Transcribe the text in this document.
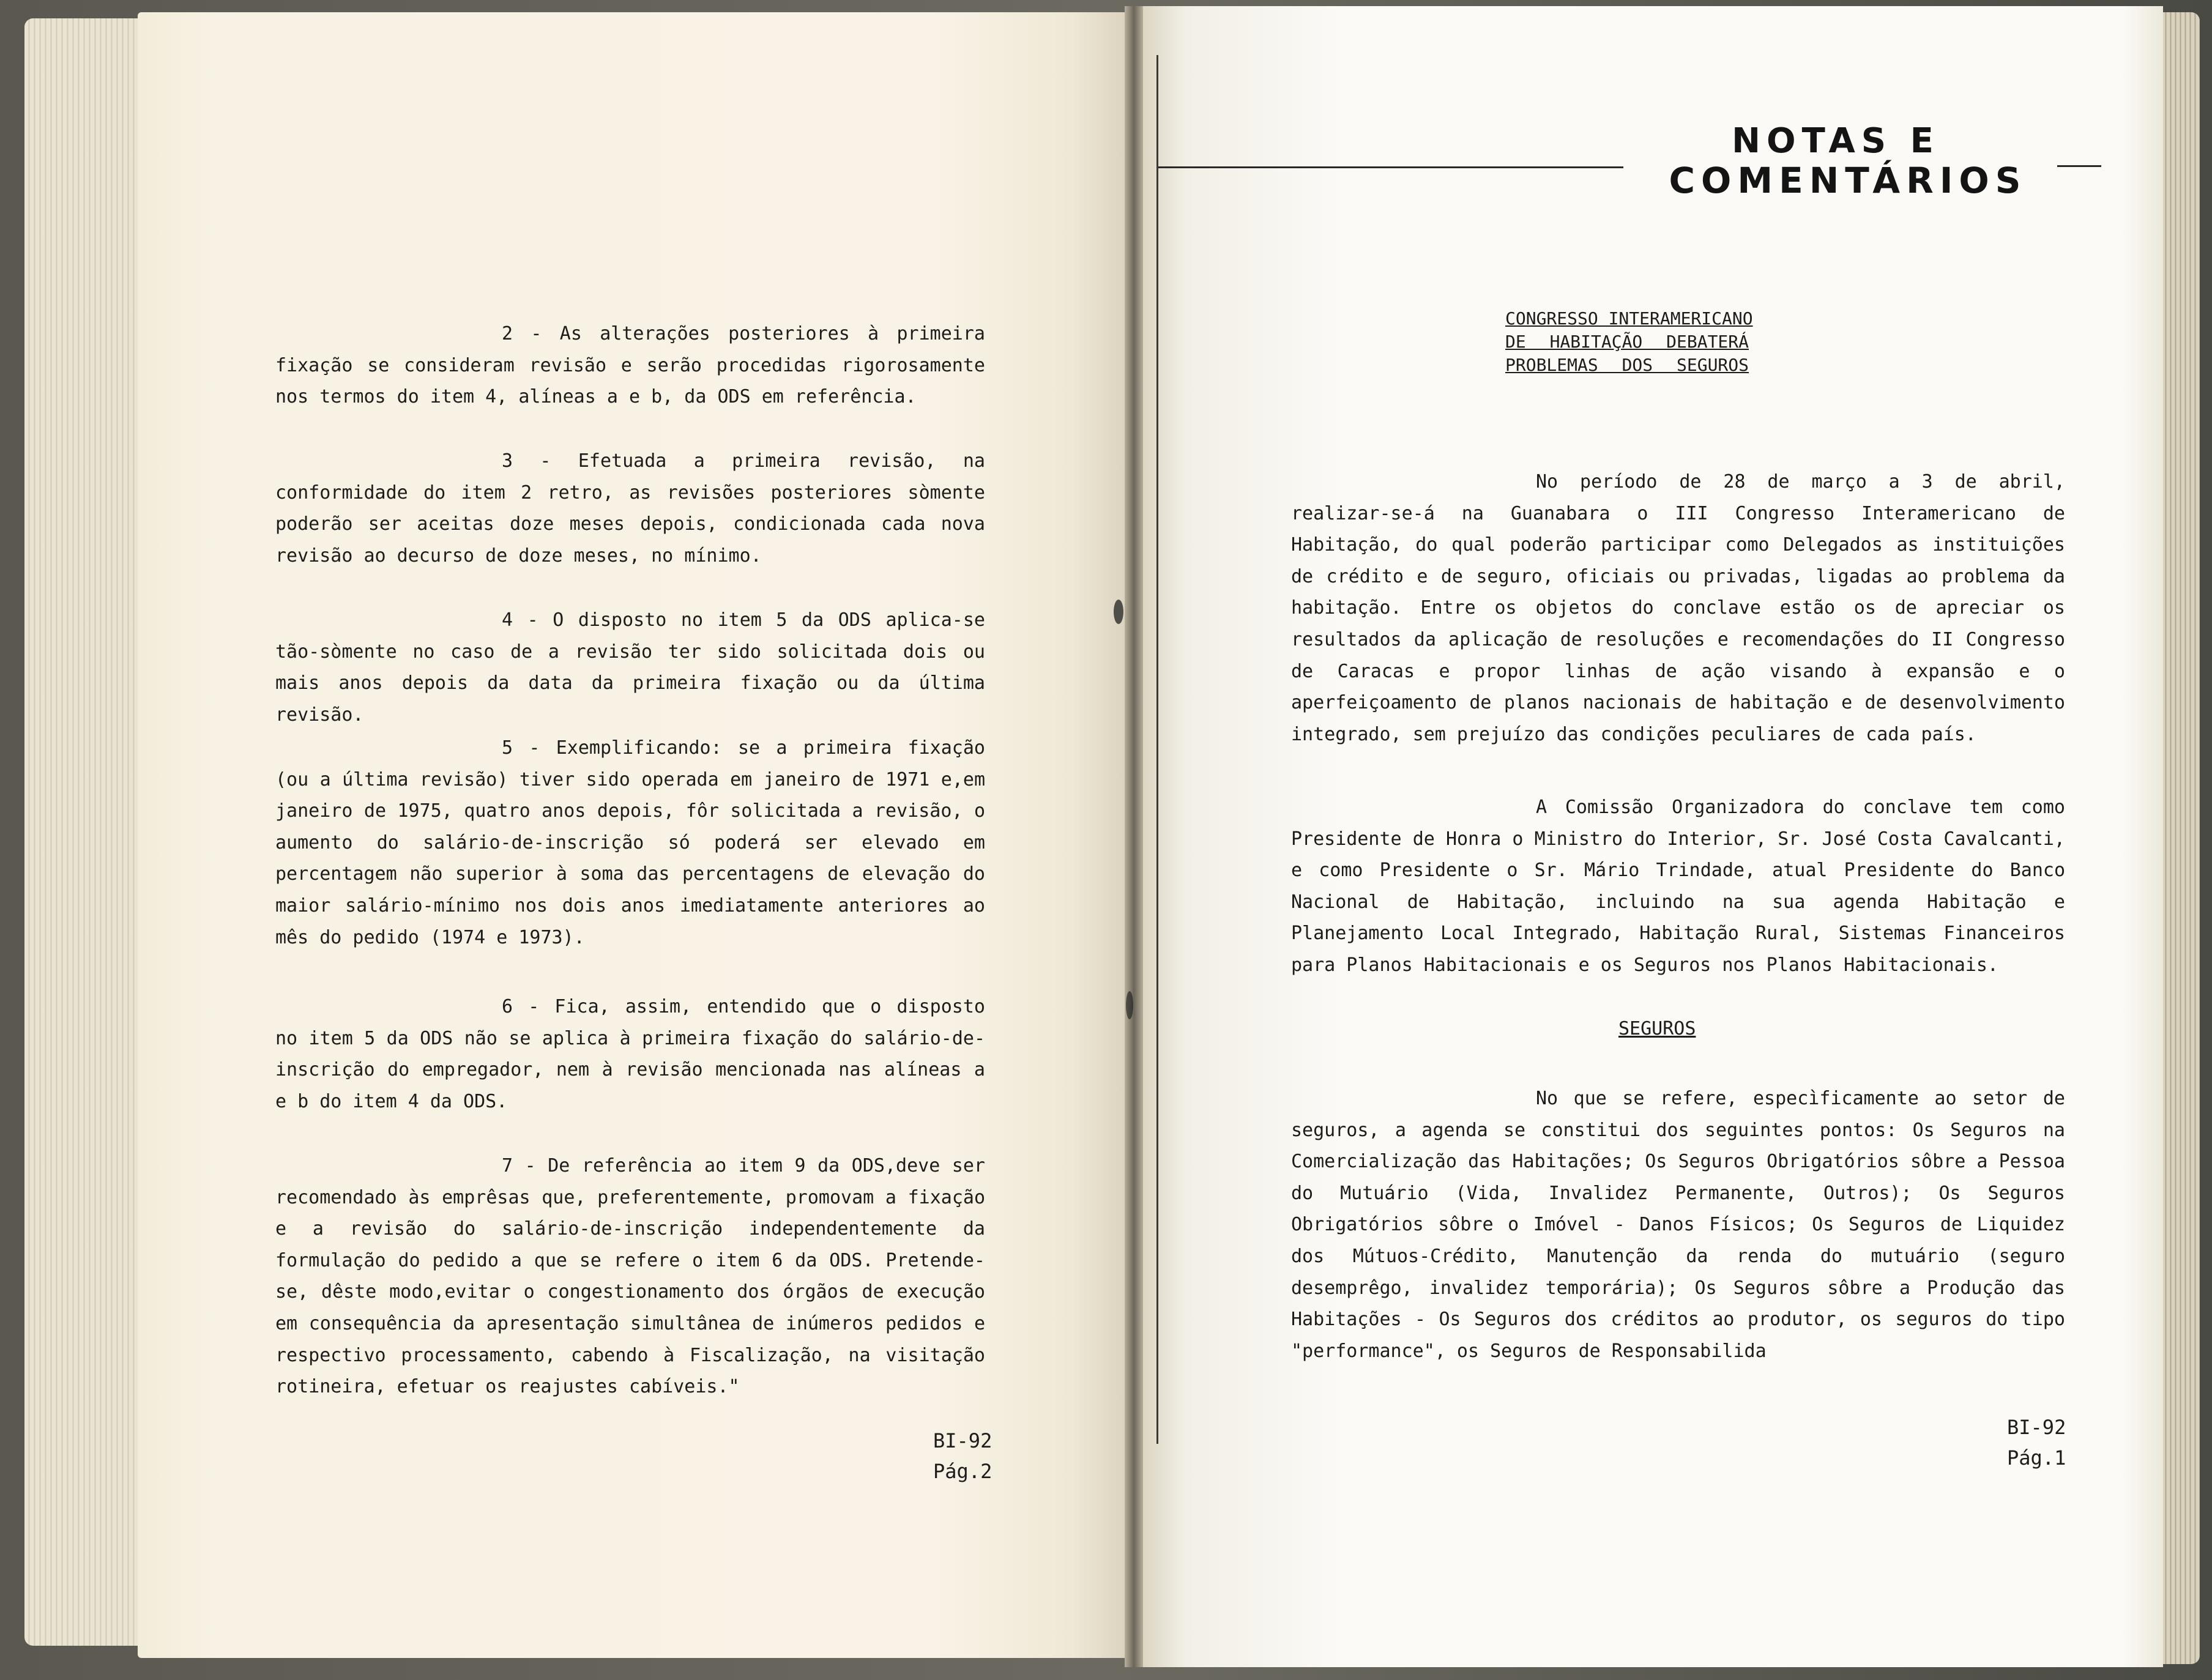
2 - As alterações posteriores à primeira fixação se consideram revisão e serão procedidas rigorosamente nos termos do item 4, alíneas a e b, da ODS em referência.

3 - Efetuada a primeira revisão, na conformidade do item 2 retro, as revisões posteriores sòmente poderão ser aceitas doze meses depois, condicionada cada nova revisão ao decurso de doze meses, no mínimo.

4 - O disposto no item 5 da ODS aplica-se tão-sòmente no caso de a revisão ter sido solicitada dois ou mais anos depois da data da primeira fixação ou da última revisão.

5 - Exemplificando: se a primeira fixação (ou a última revisão) tiver sido operada em janeiro de 1971 e,em janeiro de 1975, quatro anos depois, fôr solicitada a revisão, o aumento do salário-de-inscrição só poderá ser elevado em percentagem não superior à soma das percentagens de elevação do maior salário-mínimo nos dois anos imediatamente anteriores ao mês do pedido (1974 e 1973).

6 - Fica, assim, entendido que o disposto no item 5 da ODS não se aplica à primeira fixação do salário-de-inscrição do empregador, nem à revisão mencionada nas alíneas a e b do item 4 da ODS.

7 - De referência ao item 9 da ODS,deve ser recomendado às emprêsas que, preferentemente, promovam a fixação e a revisão do salário-de-inscrição independentemente da formulação do pedido a que se refere o item 6 da ODS. Pretende-se, dêste modo,evitar o congestionamento dos órgãos de execução em consequência da apresentação simultânea de inúmeros pedidos e respectivo processamento, cabendo à Fiscalização, na visitação rotineira, efetuar os reajustes cabíveis."

BI-92
Pág.2
NOTAS E
COMENTÁRIOS
CONGRESSO INTERAMERICANO
DE HABITAÇÃO DEBATERÁ
PROBLEMAS DOS SEGUROS

No período de 28 de março a 3 de abril, realizar-se-á na Guanabara o III Congresso Interamericano de Habitação, do qual poderão participar como Delegados as instituições de crédito e de seguro, oficiais ou privadas, ligadas ao problema da habitação. Entre os objetos do conclave estão os de apreciar os resultados da aplicação de resoluções e recomendações do II Congresso de Caracas e propor linhas de ação visando à expansão e o aperfeiçoamento de planos nacionais de habitação e de desenvolvimento integrado, sem prejuízo das condições peculiares de cada país.

A Comissão Organizadora do conclave tem como Presidente de Honra o Ministro do Interior, Sr. José Costa Cavalcanti, e como Presidente o Sr. Mário Trindade, atual Presidente do Banco Nacional de Habitação, incluindo na sua agenda Habitação e Planejamento Local Integrado, Habitação Rural, Sistemas Financeiros para Planos Habitacionais e os Seguros nos Planos Habitacionais.

SEGUROS

No que se refere, especìficamente ao setor de seguros, a agenda se constitui dos seguintes pontos: Os Seguros na Comercialização das Habitações; Os Seguros Obrigatórios sôbre a Pessoa do Mutuário (Vida, Invalidez Permanente, Outros); Os Seguros Obrigatórios sôbre o Imóvel - Danos Físicos; Os Seguros de Liquidez dos Mútuos-Crédito, Manutenção da renda do mutuário (seguro desemprêgo, invalidez temporária); Os Seguros sôbre a Produção das Habitações - Os Seguros dos créditos ao produtor, os seguros do tipo "performance", os Seguros de Responsabilida

BI-92
Pág.1
